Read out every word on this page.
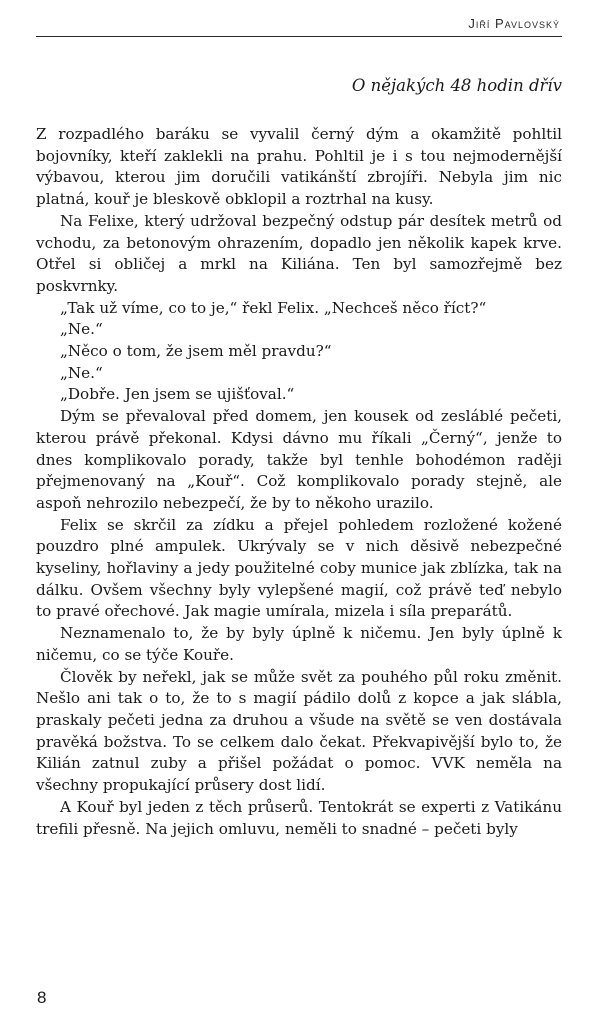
Jiří Pavlovský
O nějakých 48 hodin dřív

Z rozpadlého baráku se vyvalil černý dým a okamžitě pohltil bojovníky, kteří zaklekli na prahu. Pohltil je i s tou nejmodernější výbavou, kterou jim doručili vatikánští zbrojíři. Nebyla jim nic platná, kouř je bleskově obklopil a roztrhal na kusy.

Na Felixe, který udržoval bezpečný odstup pár desítek metrů od vchodu, za betonovým ohrazením, dopadlo jen několik kapek krve. Otřel si obličej a mrkl na Kiliána. Ten byl samozřejmě bez poskvrnky.

„Tak už víme, co to je,“ řekl Felix. „Nechceš něco říct?“

„Ne.“

„Něco o tom, že jsem měl pravdu?“

„Ne.“

„Dobře. Jen jsem se ujišťoval.“

Dým se převaloval před domem, jen kousek od zesláblé pečeti, kterou právě překonal. Kdysi dávno mu říkali „Černý“, jenže to dnes komplikovalo porady, takže byl tenhle bohodémon raději přejmenovaný na „Kouř“. Což komplikovalo porady stejně, ale aspoň nehrozilo nebezpečí, že by to někoho urazilo.

Felix se skrčil za zídku a přejel pohledem rozložené kožené pouzdro plné ampulek. Ukrývaly se v nich děsivě nebezpečné kyseliny, hořlaviny a jedy použitelné coby munice jak zblízka, tak na dálku. Ovšem všechny byly vylepšené magií, což právě teď nebylo to pravé ořechové. Jak magie umírala, mizela i síla preparátů.

Neznamenalo to, že by byly úplně k ničemu. Jen byly úplně k ničemu, co se týče Kouře.

Člověk by neřekl, jak se může svět za pouhého půl roku změnit. Nešlo ani tak o to, že to s magií pádilo dolů z kopce a jak slábla, praskaly pečeti jedna za druhou a všude na světě se ven dostávala pravěká božstva. To se celkem dalo čekat. Překvapivější bylo to, že Kilián zatnul zuby a přišel požádat o pomoc. VVK neměla na všechny propukající průsery dost lidí.

A Kouř byl jeden z těch průserů. Tentokrát se experti z Vatikánu trefili přesně. Na jejich omluvu, neměli to snadné – pečeti byly

8
